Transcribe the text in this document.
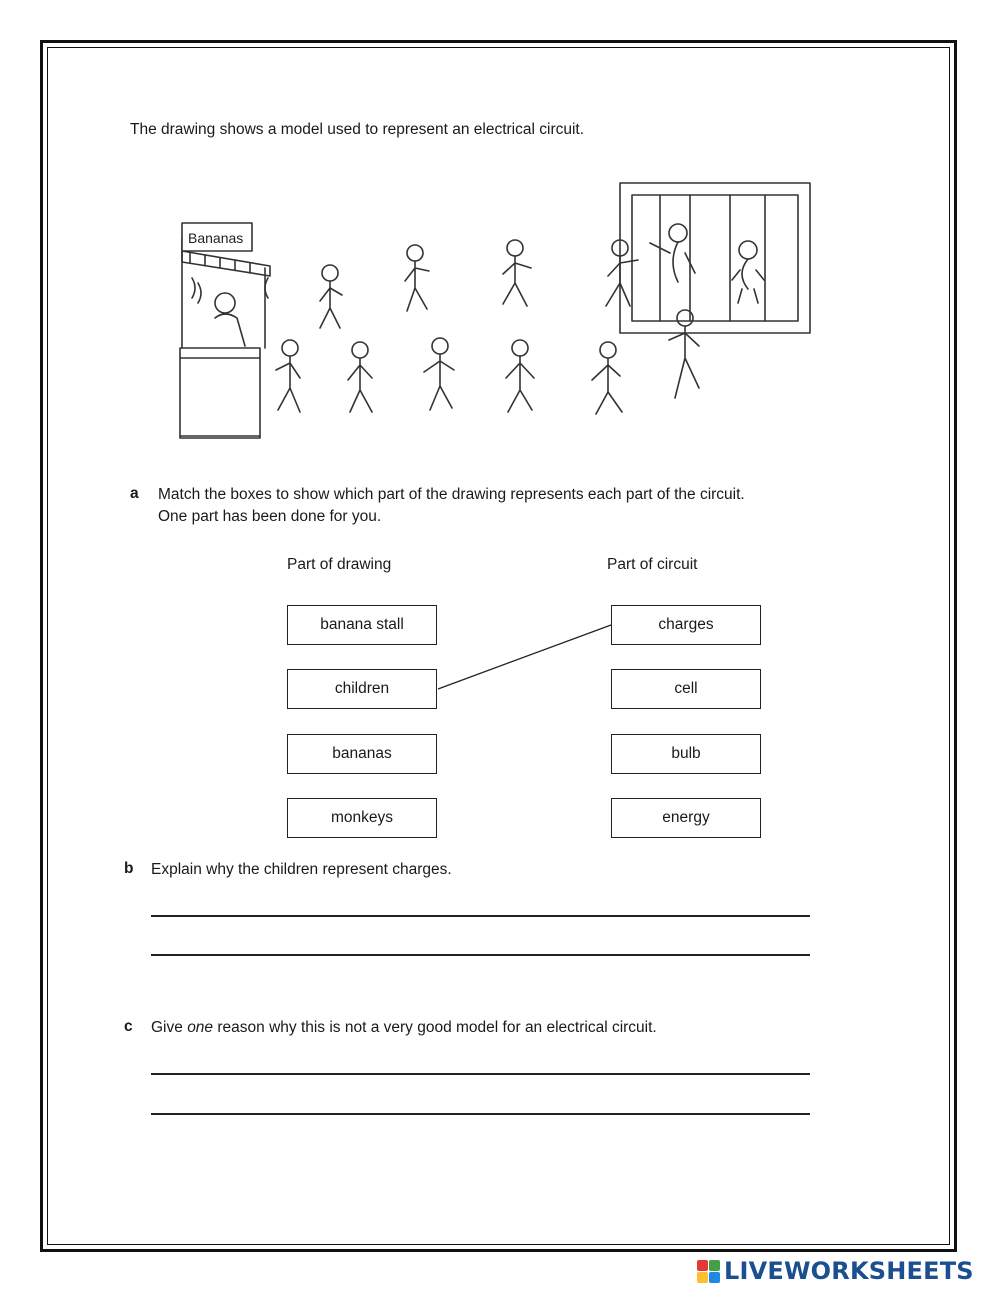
The drawing shows a model used to represent an electrical circuit.
Bananas
a Match the boxes to show which part of the drawing represents each part of the circuit.
One part has been done for you.
Part of drawing	Part of circuit
banana stall
children
bananas
monkeys
charges
cell
bulb
energy
b Explain why the children represent charges.
c Give one reason why this is not a very good model for an electrical circuit.
LIVEWORKSHEETS
